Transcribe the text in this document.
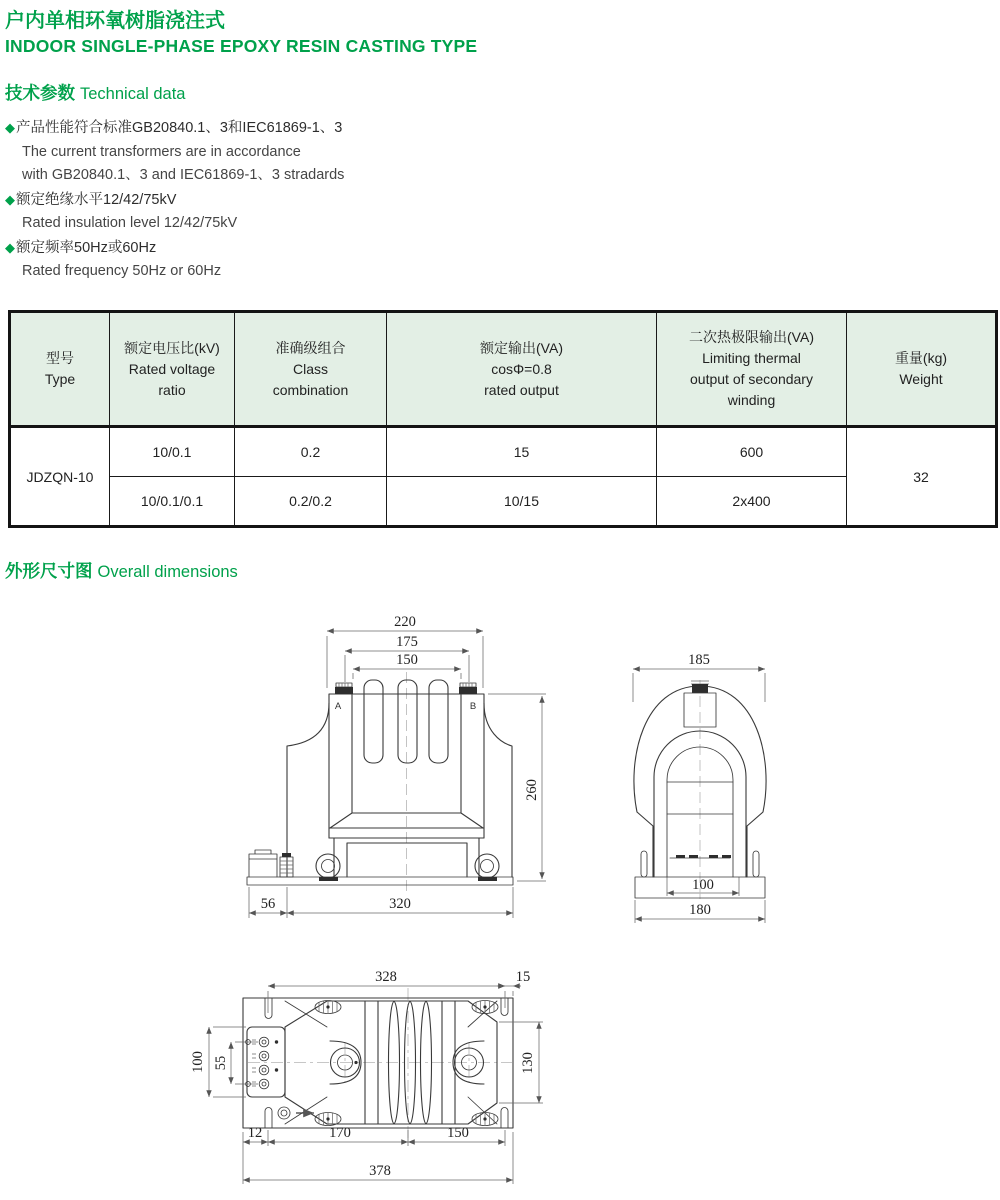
户内单相环氧树脂浇注式
INDOOR SINGLE-PHASE EPOXY RESIN CASTING TYPE
技术参数 Technical data
◆产品性能符合标准GB20840.1、3和IEC61869-1、3
The current transformers are in accordance
with GB20840.1、3 and IEC61869-1、3 stradards
◆额定绝缘水平12/42/75kV
Rated insulation level 12/42/75kV
◆额定频率50Hz或60Hz
Rated frequency 50Hz or 60Hz
型号
Type

额定电压比(kV)
Rated voltage
ratio

准确级组合
Class
combination

额定输出(VA)
cosΦ=0.8
rated output

二次热极限输出(VA)
Limiting thermal
output of secondary
winding

重量(kg)
Weight

JDZQN-10	10/0.1	0.2	15	600	32
	10/0.1/0.1	0.2/0.2	10/15	2x400	
外形尺寸图 Overall dimensions
220
175
150
260
56	320
A	B
185
100
180
328	15
100 55	130
12	170	150
378
